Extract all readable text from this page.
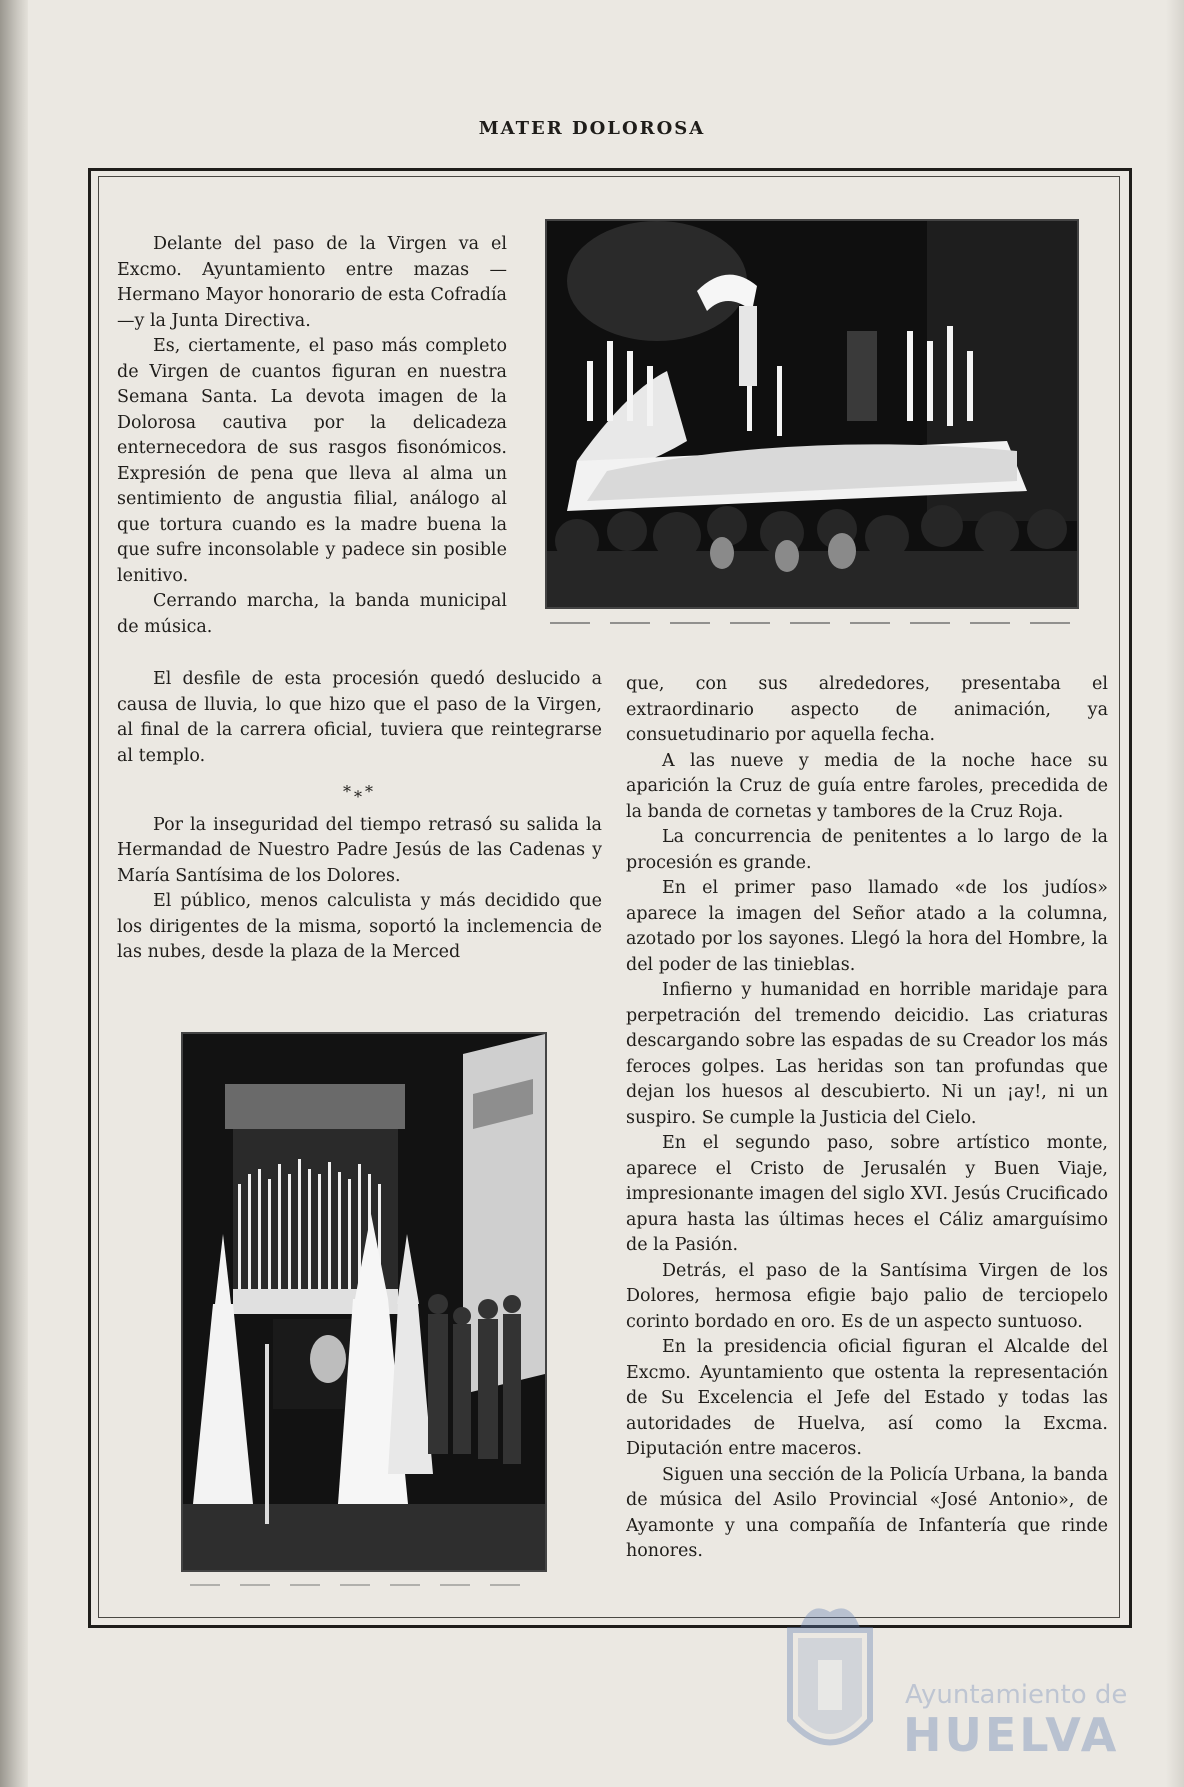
MATER DOLOROSA

Delante del paso de la Virgen va el Excmo. Ayuntamiento entre mazas — Hermano Mayor honorario de esta Cofradía—y la Junta Directiva.

Es, ciertamente, el paso más completo de Virgen de cuantos figuran en nuestra Semana Santa. La devota imagen de la Dolorosa cautiva por la delicadeza enternecedora de sus rasgos fisonómicos. Expresión de pena que lleva al alma un sentimiento de angustia filial, análogo al que tortura cuando es la madre buena la que sufre inconsolable y padece sin posible lenitivo.

Cerrando marcha, la banda municipal de música.

El desfile de esta procesión quedó deslucido a causa de lluvia, lo que hizo que el paso de la Virgen, al final de la carrera oficial, tuviera que reintegrarse al templo.

*⁎*

Por la inseguridad del tiempo retrasó su salida la Hermandad de Nuestro Padre Jesús de las Cadenas y María Santísima de los Dolores.

El público, menos calculista y más decidido que los dirigentes de la misma, soportó la inclemencia de las nubes, desde la plaza de la Merced

que, con sus alrededores, presentaba el extraordinario aspecto de animación, ya consuetudinario por aquella fecha.

A las nueve y media de la noche hace su aparición la Cruz de guía entre faroles, precedida de la banda de cornetas y tambores de la Cruz Roja.

La concurrencia de penitentes a lo largo de la procesión es grande.

En el primer paso llamado «de los judíos» aparece la imagen del Señor atado a la columna, azotado por los sayones. Llegó la hora del Hombre, la del poder de las tinieblas.

Infierno y humanidad en horrible maridaje para perpetración del tremendo deicidio. Las criaturas descargando sobre las espadas de su Creador los más feroces golpes. Las heridas son tan profundas que dejan los huesos al descubierto. Ni un ¡ay!, ni un suspiro. Se cumple la Justicia del Cielo.

En el segundo paso, sobre artístico monte, aparece el Cristo de Jerusalén y Buen Viaje, impresionante imagen del siglo XVI. Jesús Crucificado apura hasta las últimas heces el Cáliz amarguísimo de la Pasión.

Detrás, el paso de la Santísima Virgen de los Dolores, hermosa efigie bajo palio de terciopelo corinto bordado en oro. Es de un aspecto suntuoso.

En la presidencia oficial figuran el Alcalde del Excmo. Ayuntamiento que ostenta la representación de Su Excelencia el Jefe del Estado y todas las autoridades de Huelva, así como la Excma. Diputación entre maceros.

Siguen una sección de la Policía Urbana, la banda de música del Asilo Provincial «José Antonio», de Ayamonte y una compañía de Infantería que rinde honores.

Ayuntamiento de
HUELVA
